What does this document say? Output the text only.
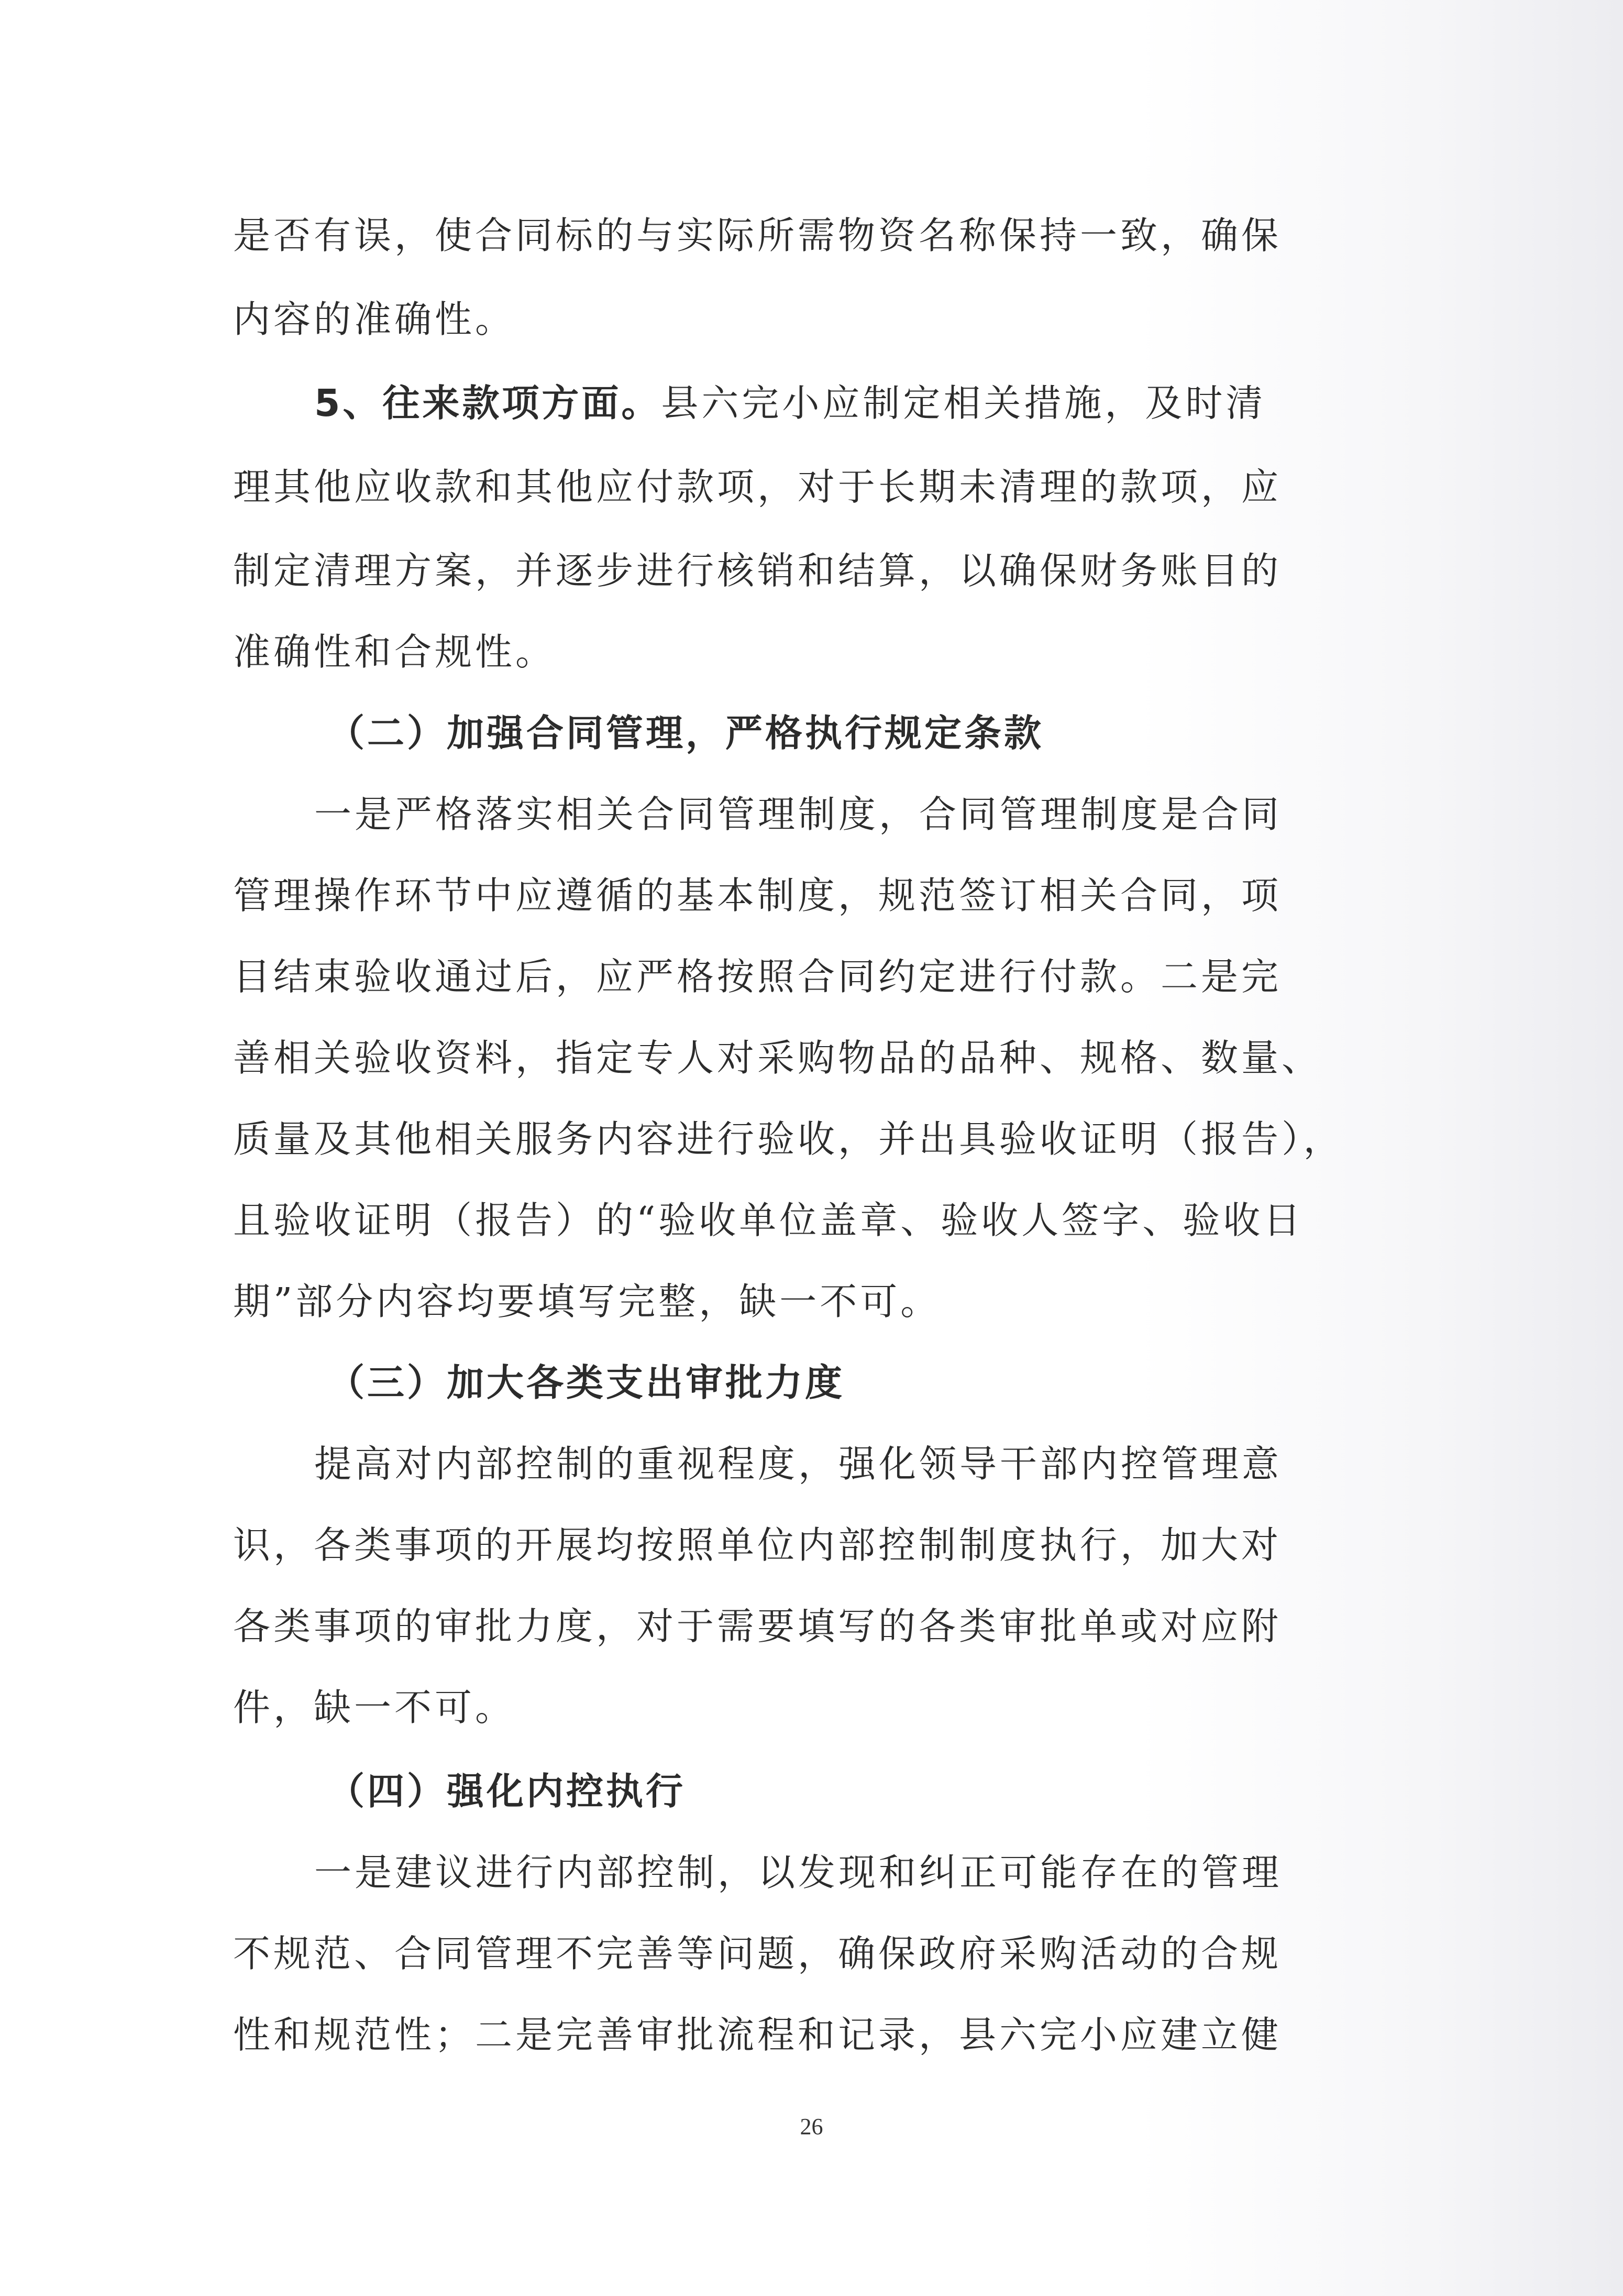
是否有误，使合同标的与实际所需物资名称保持一致，确保
内容的准确性。
5、往来款项方面。县六完小应制定相关措施，及时清
理其他应收款和其他应付款项，对于长期未清理的款项，应
制定清理方案，并逐步进行核销和结算，以确保财务账目的
准确性和合规性。
（二）加强合同管理，严格执行规定条款
一是严格落实相关合同管理制度，合同管理制度是合同
管理操作环节中应遵循的基本制度，规范签订相关合同，项
目结束验收通过后，应严格按照合同约定进行付款。二是完
善相关验收资料，指定专人对采购物品的品种、规格、数量、
质量及其他相关服务内容进行验收，并出具验收证明（报告），
且验收证明（报告）的“验收单位盖章、验收人签字、验收日
期”部分内容均要填写完整，缺一不可。
（三）加大各类支出审批力度
提高对内部控制的重视程度，强化领导干部内控管理意
识，各类事项的开展均按照单位内部控制制度执行，加大对
各类事项的审批力度，对于需要填写的各类审批单或对应附
件，缺一不可。
（四）强化内控执行
一是建议进行内部控制，以发现和纠正可能存在的管理
不规范、合同管理不完善等问题，确保政府采购活动的合规
性和规范性；二是完善审批流程和记录，县六完小应建立健
26
